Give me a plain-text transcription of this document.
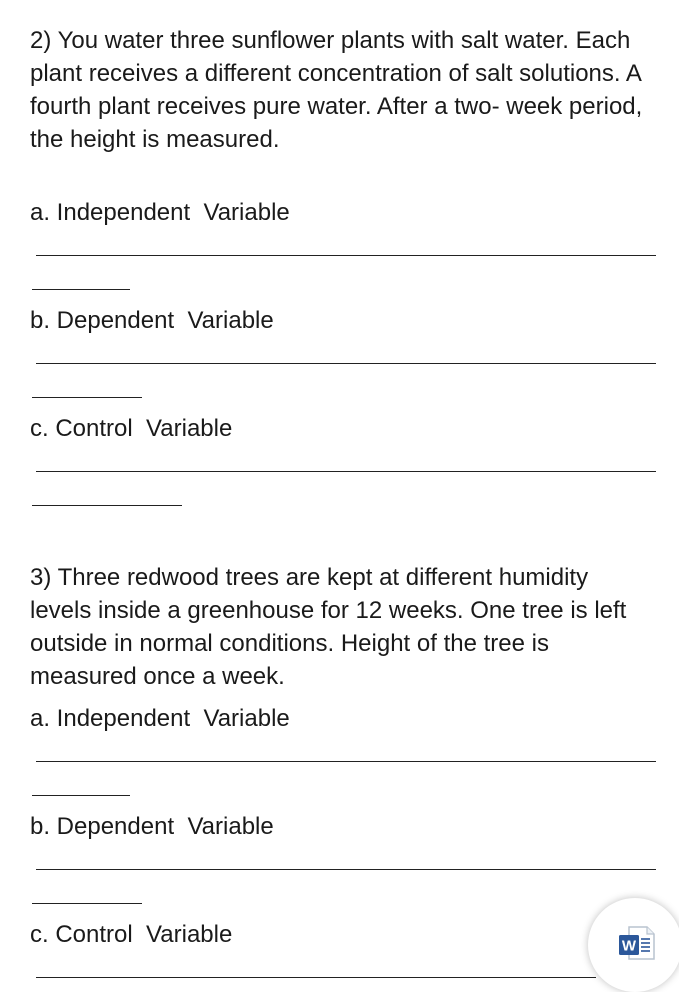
2) You water three sunflower plants with salt water. Each plant receives a different concentration of salt solutions. A fourth plant receives pure water. After a two- week period, the height is measured.

a. Independent  Variable
b. Dependent  Variable
c. Control  Variable

3) Three redwood trees are kept at different humidity levels inside a greenhouse for 12 weeks. One tree is left outside in normal conditions. Height of the tree is measured once a week.

a. Independent  Variable
b. Dependent  Variable
c. Control  Variable	W
